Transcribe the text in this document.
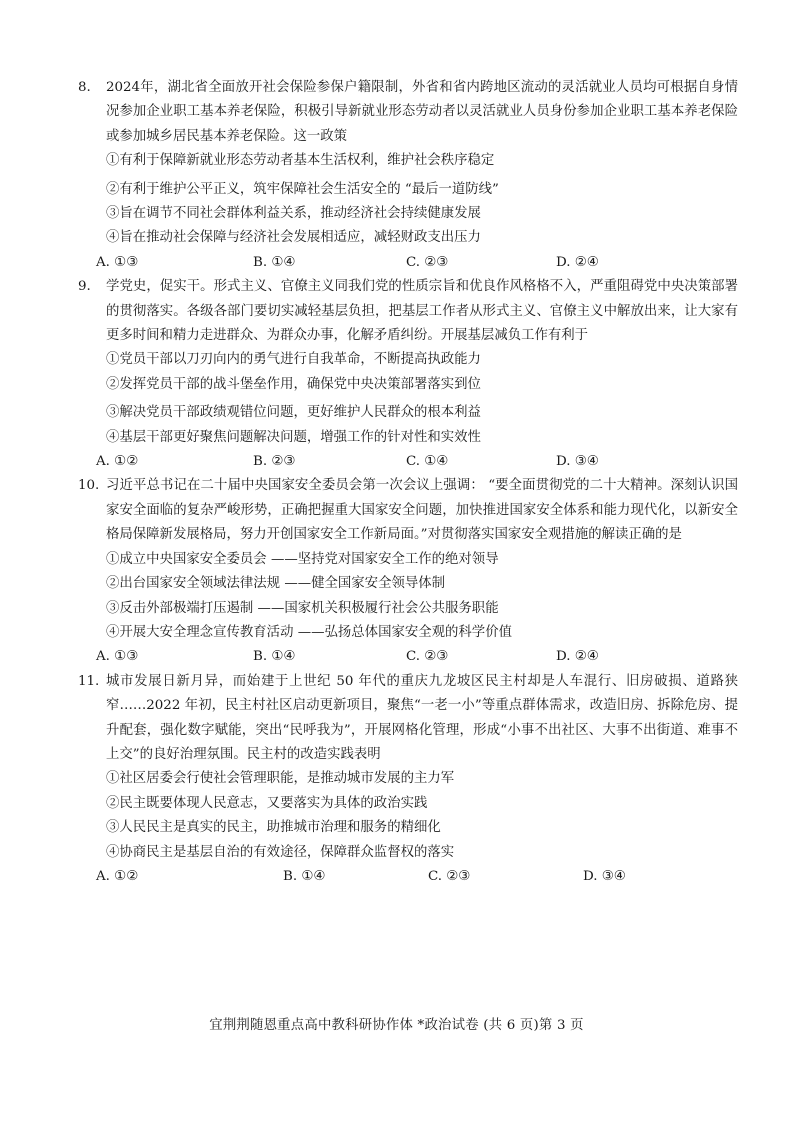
8. 2024年，湖北省全面放开社会保险参保户籍限制，外省和省内跨地区流动的灵活就业人员均可根据自身情况参加企业职工基本养老保险，积极引导新就业形态劳动者以灵活就业人员身份参加企业职工基本养老保险或参加城乡居民基本养老保险。这一政策
①有利于保障新就业形态劳动者基本生活权利，维护社会秩序稳定
②有利于维护公平正义，筑牢保障社会生活安全的 “最后一道防线”
③旨在调节不同社会群体利益关系，推动经济社会持续健康发展
④旨在推动社会保障与经济社会发展相适应，减轻财政支出压力
A. ①③	B. ①④	C. ②③	D. ②④
9. 学党史，促实干。形式主义、官僚主义同我们党的性质宗旨和优良作风格格不入，严重阻碍党中央决策部署的贯彻落实。各级各部门要切实减轻基层负担，把基层工作者从形式主义、官僚主义中解放出来，让大家有更多时间和精力走进群众、为群众办事，化解矛盾纠纷。开展基层减负工作有利于
①党员干部以刀刃向内的勇气进行自我革命，不断提高执政能力
②发挥党员干部的战斗堡垒作用，确保党中央决策部署落实到位
③解决党员干部政绩观错位问题，更好维护人民群众的根本利益
④基层干部更好聚焦问题解决问题，增强工作的针对性和实效性
A. ①②	B. ②③	C. ①④	D. ③④
10. 习近平总书记在二十届中央国家安全委员会第一次会议上强调： “要全面贯彻党的二十大精神。深刻认识国家安全面临的复杂严峻形势，正确把握重大国家安全问题，加快推进国家安全体系和能力现代化，以新安全格局保障新发展格局，努力开创国家安全工作新局面。”对贯彻落实国家安全观措施的解读正确的是
①成立中央国家安全委员会 ——坚持党对国家安全工作的绝对领导
②出台国家安全领域法律法规 ——健全国家安全领导体制
③反击外部极端打压遏制 ——国家机关积极履行社会公共服务职能
④开展大安全理念宣传教育活动 ——弘扬总体国家安全观的科学价值
A. ①③	B. ①④	C. ②③	D. ②④
11. 城市发展日新月异，而始建于上世纪 50 年代的重庆九龙坡区民主村却是人车混行、旧房破损、道路狭窄……2022 年初，民主村社区启动更新项目，聚焦“一老一小”等重点群体需求，改造旧房、拆除危房、提升配套，强化数字赋能，突出“民呼我为”，开展网格化管理，形成“小事不出社区、大事不出街道、难事不上交”的良好治理氛围。民主村的改造实践表明
①社区居委会行使社会管理职能，是推动城市发展的主力军
②民主既要体现人民意志，又要落实为具体的政治实践
③人民民主是真实的民主，助推城市治理和服务的精细化
④协商民主是基层自治的有效途径，保障群众监督权的落实
A. ①②	B. ①④	C. ②③	D. ③④
宜荆荆随恩重点高中教科研协作体 *政治试卷 (共 6 页)第 3 页
